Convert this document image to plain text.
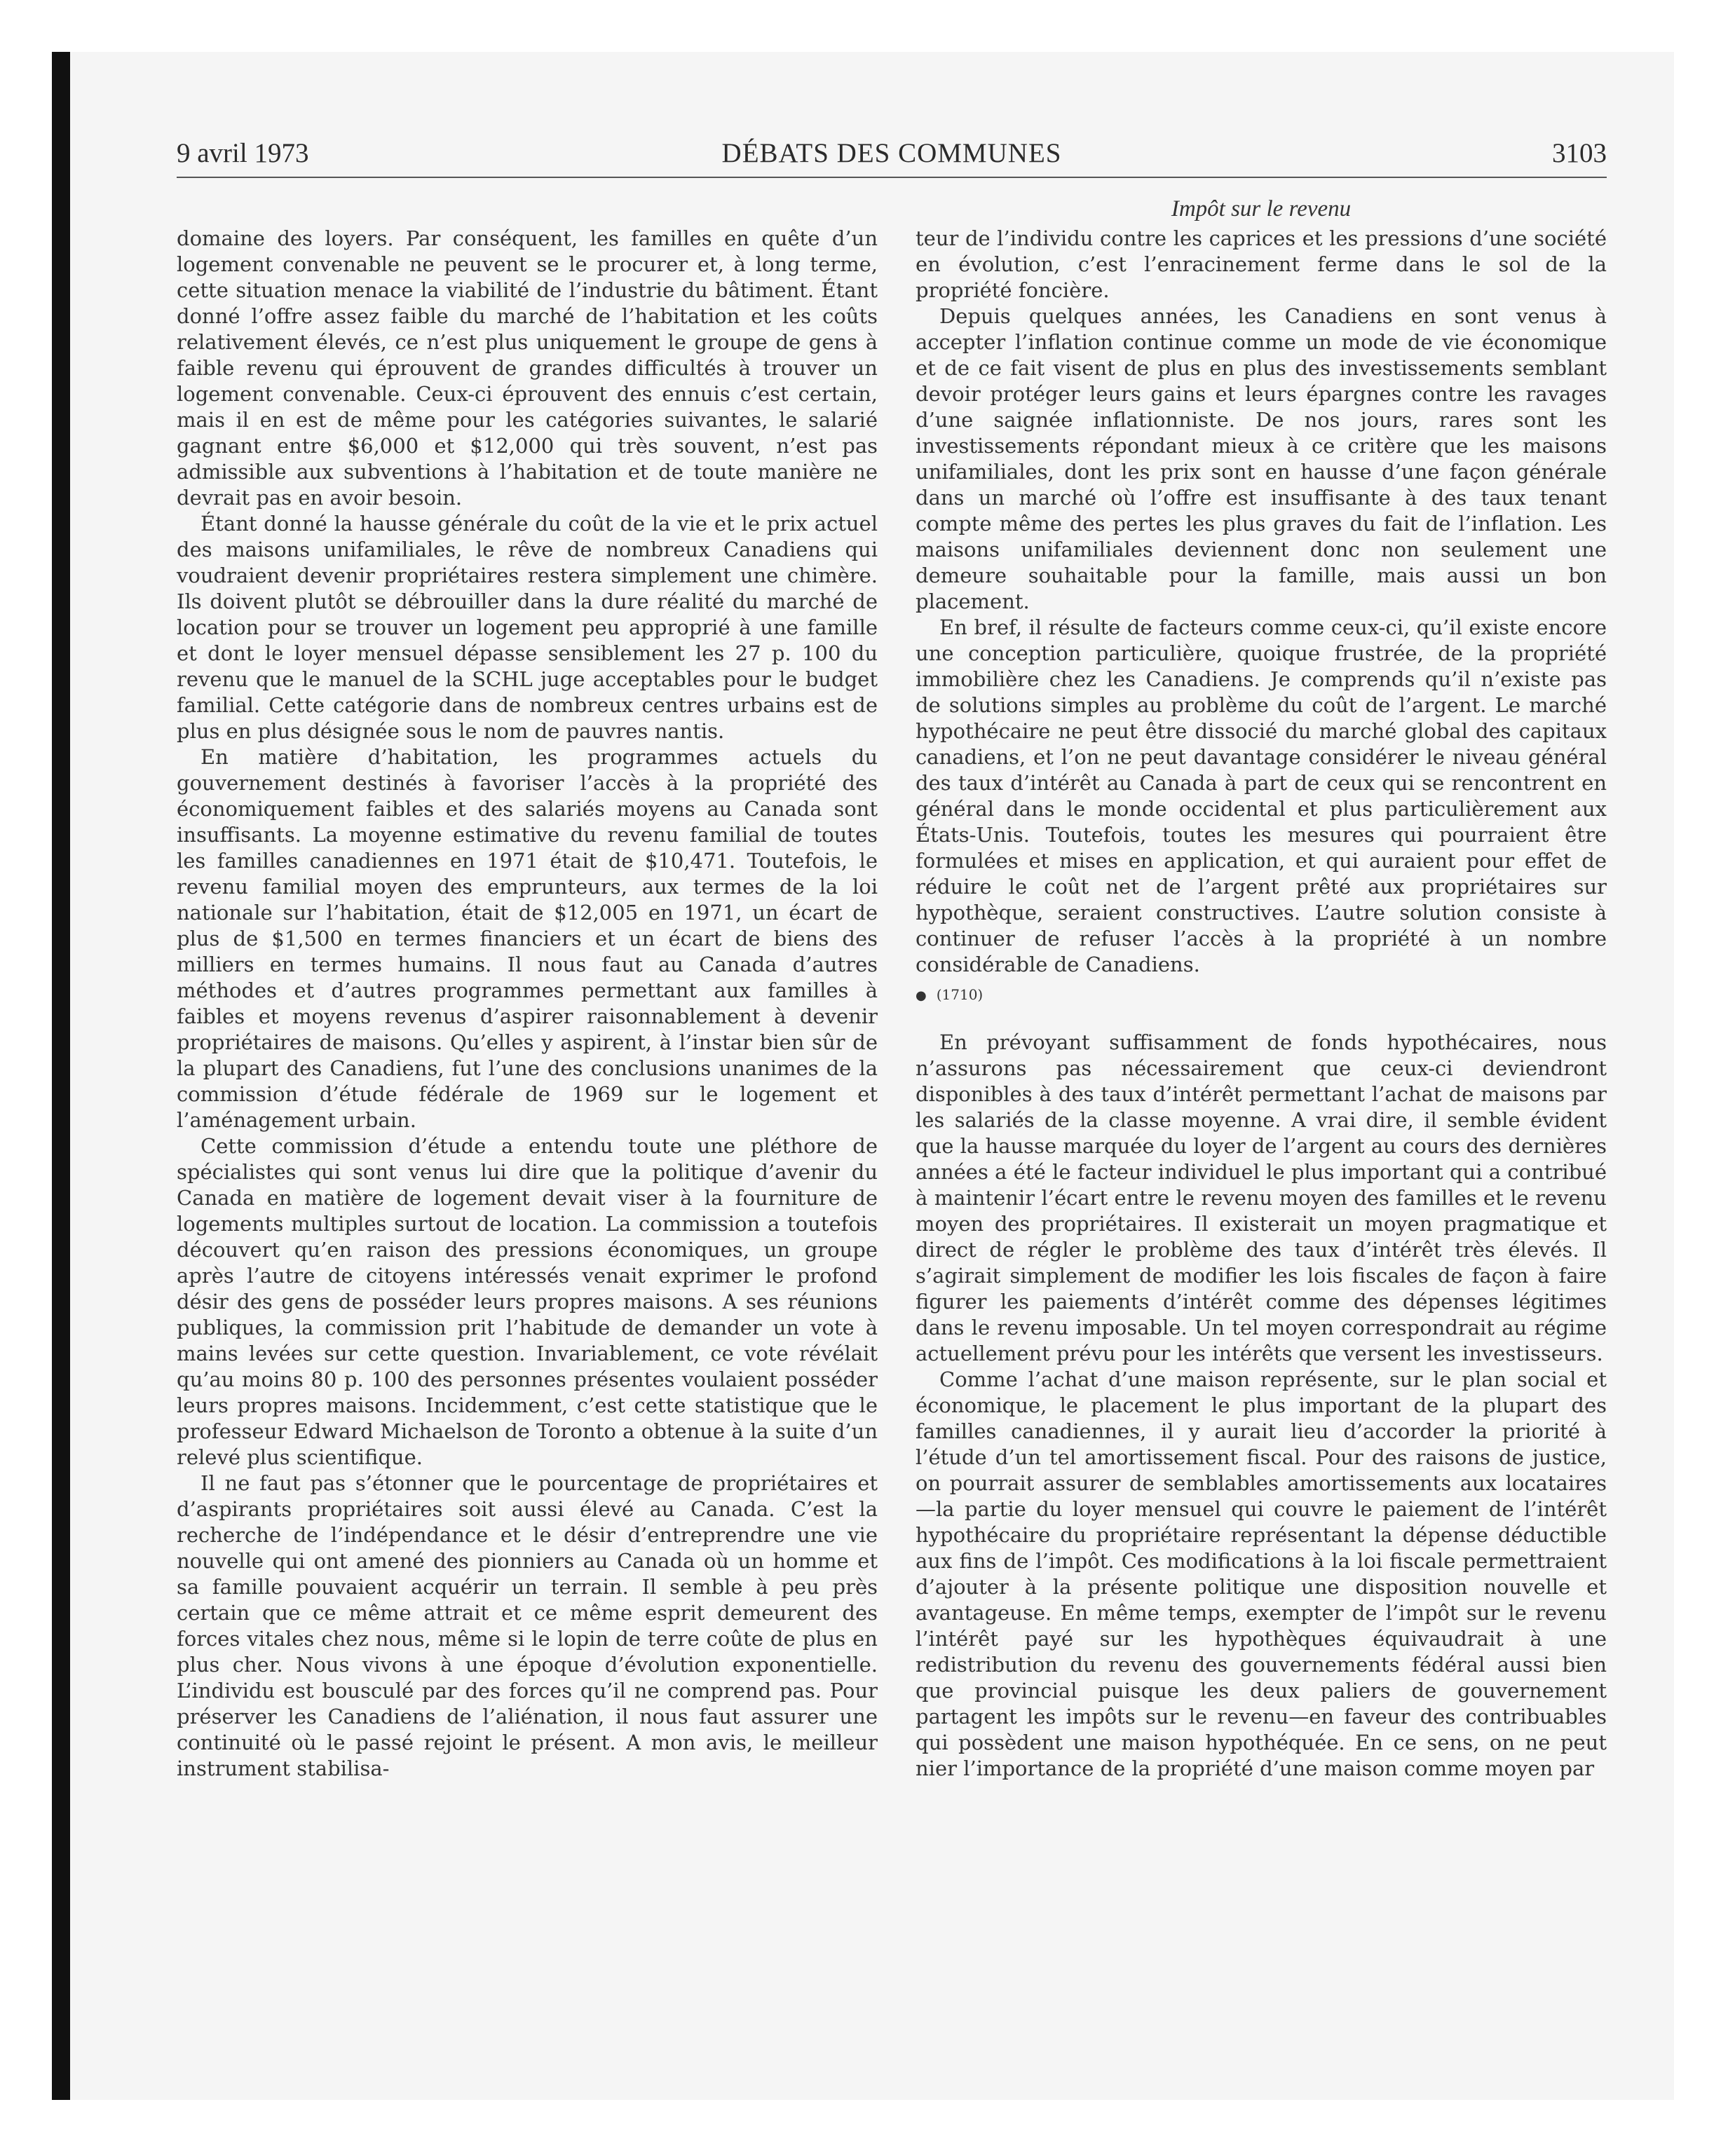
9 avril 1973	DÉBATS DES COMMUNES	3103
Impôt sur le revenu

domaine des loyers. Par conséquent, les familles en quête d’un logement convenable ne peuvent se le procurer et, à long terme, cette situation menace la viabilité de l’industrie du bâtiment. Étant donné l’offre assez faible du marché de l’habitation et les coûts relativement élevés, ce n’est plus uniquement le groupe de gens à faible revenu qui éprouvent de grandes difficultés à trouver un logement convenable. Ceux-ci éprouvent des ennuis c’est certain, mais il en est de même pour les catégories suivantes, le salarié gagnant entre $6,000 et $12,000 qui très souvent, n’est pas admissible aux subventions à l’habitation et de toute manière ne devrait pas en avoir besoin.

Étant donné la hausse générale du coût de la vie et le prix actuel des maisons unifamiliales, le rêve de nombreux Canadiens qui voudraient devenir propriétaires restera simplement une chimère. Ils doivent plutôt se débrouiller dans la dure réalité du marché de location pour se trouver un logement peu approprié à une famille et dont le loyer mensuel dépasse sensiblement les 27 p. 100 du revenu que le manuel de la SCHL juge acceptables pour le budget familial. Cette catégorie dans de nombreux centres urbains est de plus en plus désignée sous le nom de pauvres nantis.

En matière d’habitation, les programmes actuels du gouvernement destinés à favoriser l’accès à la propriété des économiquement faibles et des salariés moyens au Canada sont insuffisants. La moyenne estimative du revenu familial de toutes les familles canadiennes en 1971 était de $10,471. Toutefois, le revenu familial moyen des emprunteurs, aux termes de la loi nationale sur l’habitation, était de $12,005 en 1971, un écart de plus de $1,500 en termes financiers et un écart de biens des milliers en termes humains. Il nous faut au Canada d’autres méthodes et d’autres programmes permettant aux familles à faibles et moyens revenus d’aspirer raisonnablement à devenir propriétaires de maisons. Qu’elles y aspirent, à l’instar bien sûr de la plupart des Canadiens, fut l’une des conclusions unanimes de la commission d’étude fédérale de 1969 sur le logement et l’aménagement urbain.

Cette commission d’étude a entendu toute une pléthore de spécialistes qui sont venus lui dire que la politique d’avenir du Canada en matière de logement devait viser à la fourniture de logements multiples surtout de location. La commission a toutefois découvert qu’en raison des pressions économiques, un groupe après l’autre de citoyens intéressés venait exprimer le profond désir des gens de posséder leurs propres maisons. A ses réunions publiques, la commission prit l’habitude de demander un vote à mains levées sur cette question. Invariablement, ce vote révélait qu’au moins 80 p. 100 des personnes présentes voulaient posséder leurs propres maisons. Incidemment, c’est cette statistique que le professeur Edward Michaelson de Toronto a obtenue à la suite d’un relevé plus scientifique.

Il ne faut pas s’étonner que le pourcentage de propriétaires et d’aspirants propriétaires soit aussi élevé au Canada. C’est la recherche de l’indépendance et le désir d’entreprendre une vie nouvelle qui ont amené des pionniers au Canada où un homme et sa famille pouvaient acquérir un terrain. Il semble à peu près certain que ce même attrait et ce même esprit demeurent des forces vitales chez nous, même si le lopin de terre coûte de plus en plus cher. Nous vivons à une époque d’évolution exponentielle. L’individu est bousculé par des forces qu’il ne comprend pas. Pour préserver les Canadiens de l’aliénation, il nous faut assurer une continuité où le passé rejoint le présent. A mon avis, le meilleur instrument stabilisa-

teur de l’individu contre les caprices et les pressions d’une société en évolution, c’est l’enracinement ferme dans le sol de la propriété foncière.

Depuis quelques années, les Canadiens en sont venus à accepter l’inflation continue comme un mode de vie économique et de ce fait visent de plus en plus des investissements semblant devoir protéger leurs gains et leurs épargnes contre les ravages d’une saignée inflationniste. De nos jours, rares sont les investissements répondant mieux à ce critère que les maisons unifamiliales, dont les prix sont en hausse d’une façon générale dans un marché où l’offre est insuffisante à des taux tenant compte même des pertes les plus graves du fait de l’inflation. Les maisons unifamiliales deviennent donc non seulement une demeure souhaitable pour la famille, mais aussi un bon placement.

En bref, il résulte de facteurs comme ceux-ci, qu’il existe encore une conception particulière, quoique frustrée, de la propriété immobilière chez les Canadiens. Je comprends qu’il n’existe pas de solutions simples au problème du coût de l’argent. Le marché hypothécaire ne peut être dissocié du marché global des capitaux canadiens, et l’on ne peut davantage considérer le niveau général des taux d’intérêt au Canada à part de ceux qui se rencontrent en général dans le monde occidental et plus particulièrement aux États-Unis. Toutefois, toutes les mesures qui pourraient être formulées et mises en application, et qui auraient pour effet de réduire le coût net de l’argent prêté aux propriétaires sur hypothèque, seraient constructives. L’autre solution consiste à continuer de refuser l’accès à la propriété à un nombre considérable de Canadiens.

● (1710)

En prévoyant suffisamment de fonds hypothécaires, nous n’assurons pas nécessairement que ceux-ci deviendront disponibles à des taux d’intérêt permettant l’achat de maisons par les salariés de la classe moyenne. A vrai dire, il semble évident que la hausse marquée du loyer de l’argent au cours des dernières années a été le facteur individuel le plus important qui a contribué à maintenir l’écart entre le revenu moyen des familles et le revenu moyen des propriétaires. Il existerait un moyen pragmatique et direct de régler le problème des taux d’intérêt très élevés. Il s’agirait simplement de modifier les lois fiscales de façon à faire figurer les paiements d’intérêt comme des dépenses légitimes dans le revenu imposable. Un tel moyen correspondrait au régime actuellement prévu pour les intérêts que versent les investisseurs.

Comme l’achat d’une maison représente, sur le plan social et économique, le placement le plus important de la plupart des familles canadiennes, il y aurait lieu d’accorder la priorité à l’étude d’un tel amortissement fiscal. Pour des raisons de justice, on pourrait assurer de semblables amortissements aux locataires—la partie du loyer mensuel qui couvre le paiement de l’intérêt hypothécaire du propriétaire représentant la dépense déductible aux fins de l’impôt. Ces modifications à la loi fiscale permettraient d’ajouter à la présente politique une disposition nouvelle et avantageuse. En même temps, exempter de l’impôt sur le revenu l’intérêt payé sur les hypothèques équivaudrait à une redistribution du revenu des gouvernements fédéral aussi bien que provincial puisque les deux paliers de gouvernement partagent les impôts sur le revenu—en faveur des contribuables qui possèdent une maison hypothéquée. En ce sens, on ne peut nier l’importance de la propriété d’une maison comme moyen par
